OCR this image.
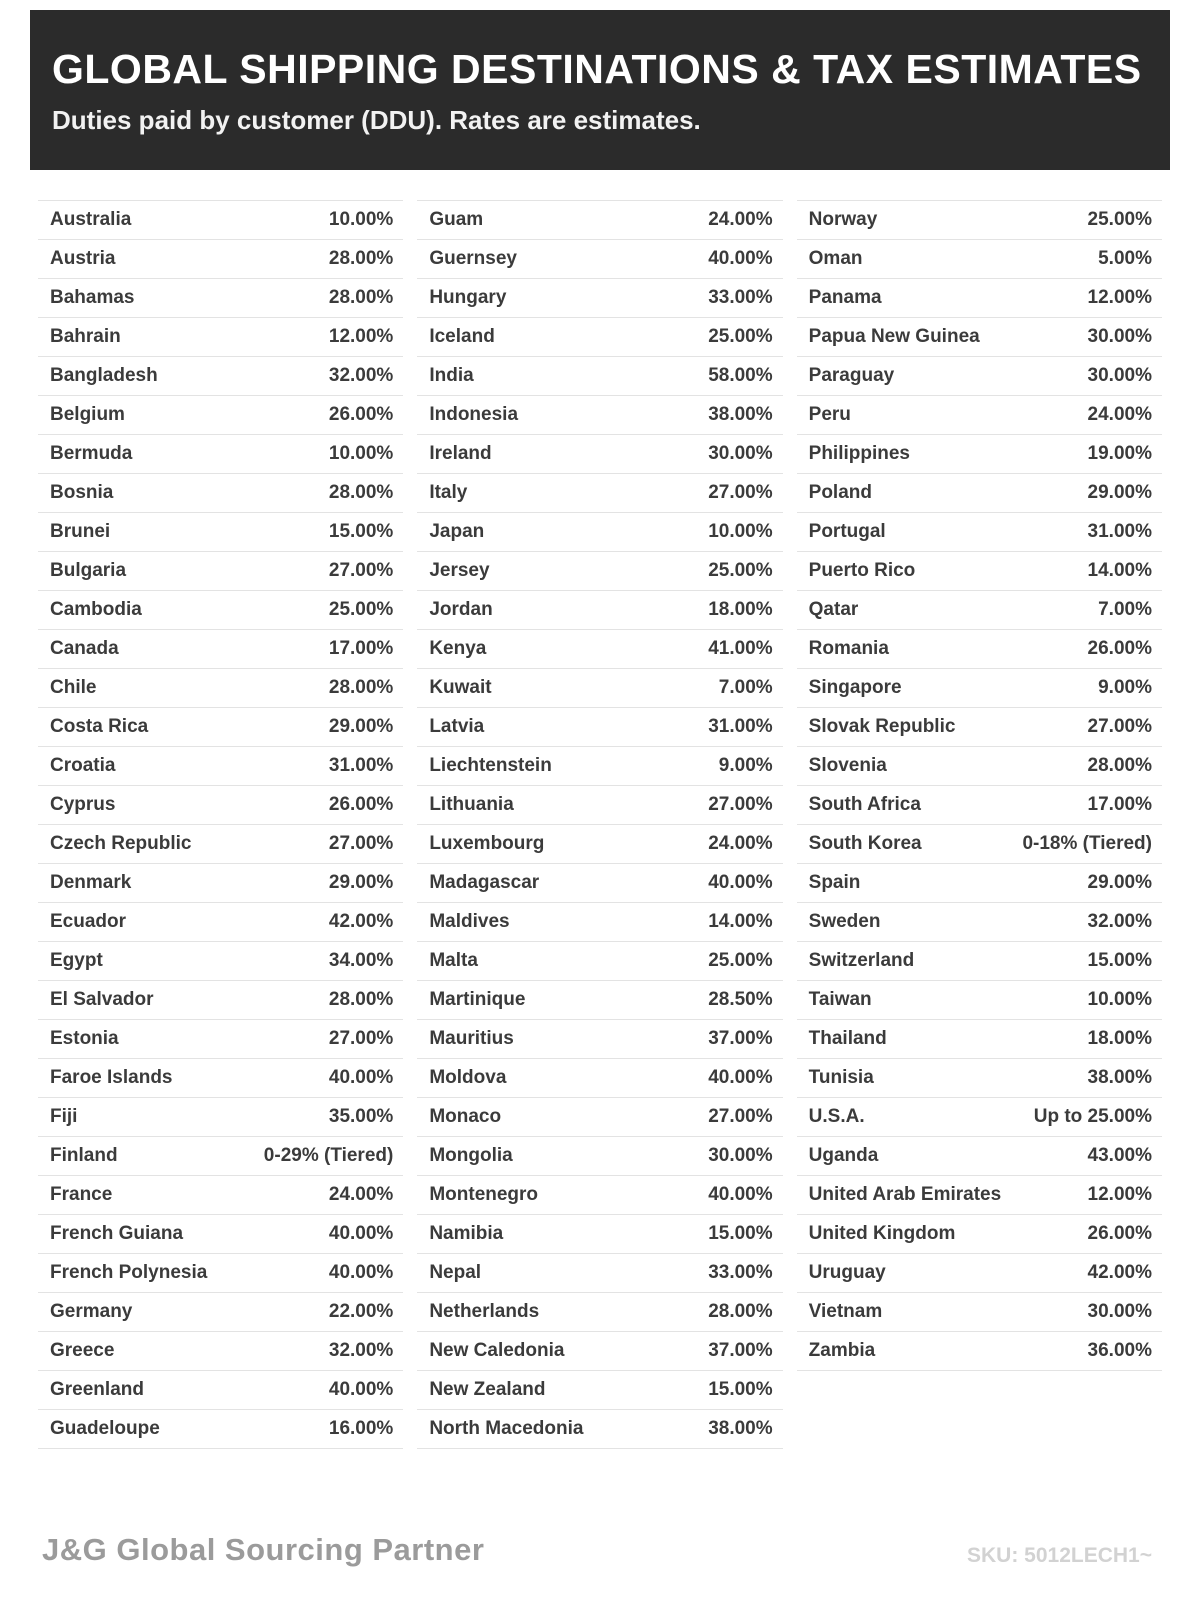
GLOBAL SHIPPING DESTINATIONS & TAX ESTIMATES
Duties paid by customer (DDU). Rates are estimates.
Australia	10.00%
Austria	28.00%
Bahamas	28.00%
Bahrain	12.00%
Bangladesh	32.00%
Belgium	26.00%
Bermuda	10.00%
Bosnia	28.00%
Brunei	15.00%
Bulgaria	27.00%
Cambodia	25.00%
Canada	17.00%
Chile	28.00%
Costa Rica	29.00%
Croatia	31.00%
Cyprus	26.00%
Czech Republic	27.00%
Denmark	29.00%
Ecuador	42.00%
Egypt	34.00%
El Salvador	28.00%
Estonia	27.00%
Faroe Islands	40.00%
Fiji	35.00%
Finland	0-29% (Tiered)
France	24.00%
French Guiana	40.00%
French Polynesia	40.00%
Germany	22.00%
Greece	32.00%
Greenland	40.00%
Guadeloupe	16.00%
Guam	24.00%
Guernsey	40.00%
Hungary	33.00%
Iceland	25.00%
India	58.00%
Indonesia	38.00%
Ireland	30.00%
Italy	27.00%
Japan	10.00%
Jersey	25.00%
Jordan	18.00%
Kenya	41.00%
Kuwait	7.00%
Latvia	31.00%
Liechtenstein	9.00%
Lithuania	27.00%
Luxembourg	24.00%
Madagascar	40.00%
Maldives	14.00%
Malta	25.00%
Martinique	28.50%
Mauritius	37.00%
Moldova	40.00%
Monaco	27.00%
Mongolia	30.00%
Montenegro	40.00%
Namibia	15.00%
Nepal	33.00%
Netherlands	28.00%
New Caledonia	37.00%
New Zealand	15.00%
North Macedonia	38.00%
Norway	25.00%
Oman	5.00%
Panama	12.00%
Papua New Guinea	30.00%
Paraguay	30.00%
Peru	24.00%
Philippines	19.00%
Poland	29.00%
Portugal	31.00%
Puerto Rico	14.00%
Qatar	7.00%
Romania	26.00%
Singapore	9.00%
Slovak Republic	27.00%
Slovenia	28.00%
South Africa	17.00%
South Korea	0-18% (Tiered)
Spain	29.00%
Sweden	32.00%
Switzerland	15.00%
Taiwan	10.00%
Thailand	18.00%
Tunisia	38.00%
U.S.A.	Up to 25.00%
Uganda	43.00%
United Arab Emirates	12.00%
United Kingdom	26.00%
Uruguay	42.00%
Vietnam	30.00%
Zambia	36.00%
J&G Global Sourcing Partner	SKU: 5012LECH1~
